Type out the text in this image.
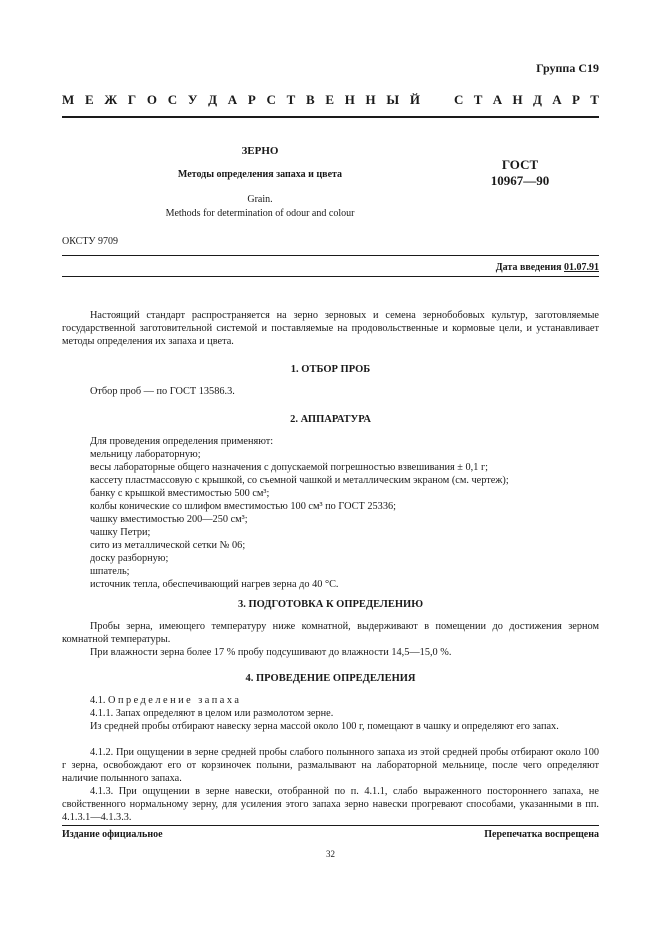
Группа С19
М Е Ж Г О С У Д А Р С Т В Е Н Н Ы Й	С Т А Н Д А Р Т
ЗЕРНО
Методы определения запаха и цвета
Grain.
Methods for determination of odour and colour
ГОСТ
10967—90
ОКСТУ 9709
Дата введения 01.07.91
Настоящий стандарт распространяется на зерно зерновых и семена зернобобовых культур, заготовляемые государственной заготовительной системой и поставляемые на продовольственные и кормовые цели, и устанавливает методы определения их запаха и цвета.
1. ОТБОР ПРОБ
Отбор проб — по ГОСТ 13586.3.
2. АППАРАТУРА
Для проведения определения применяют:
мельницу лабораторную;
весы лабораторные общего назначения с допускаемой погрешностью взвешивания ± 0,1 г;
кассету пластмассовую с крышкой, со съемной чашкой и металлическим экраном (см. чертеж);
банку с крышкой вместимостью 500 см³;
колбы конические со шлифом вместимостью 100 см³ по ГОСТ 25336;
чашку вместимостью 200—250 см³;
чашку Петри;
сито из металлической сетки № 06;
доску разборную;
шпатель;
источник тепла, обеспечивающий нагрев зерна до 40 °С.
3. ПОДГОТОВКА К ОПРЕДЕЛЕНИЮ
Пробы зерна, имеющего температуру ниже комнатной, выдерживают в помещении до достижения зерном комнатной температуры.
При влажности зерна более 17 % пробу подсушивают до влажности 14,5—15,0 %.
4. ПРОВЕДЕНИЕ ОПРЕДЕЛЕНИЯ
4.1. Определение запаха
4.1.1. Запах определяют в целом или размолотом зерне.
Из средней пробы отбирают навеску зерна массой около 100 г, помещают в чашку и определяют его запах.
4.1.2. При ощущении в зерне средней пробы слабого полынного запаха из этой средней пробы отбирают около 100 г зерна, освобождают его от корзиночек полыни, размалывают на лабораторной мельнице, после чего определяют наличие полынного запаха.
4.1.3. При ощущении в зерне навески, отобранной по п. 4.1.1, слабо выраженного постороннего запаха, не свойственного нормальному зерну, для усиления этого запаха зерно навески прогревают способами, указанными в пп. 4.1.3.1—4.1.3.3.
Издание официальное	Перепечатка воспрещена
32
